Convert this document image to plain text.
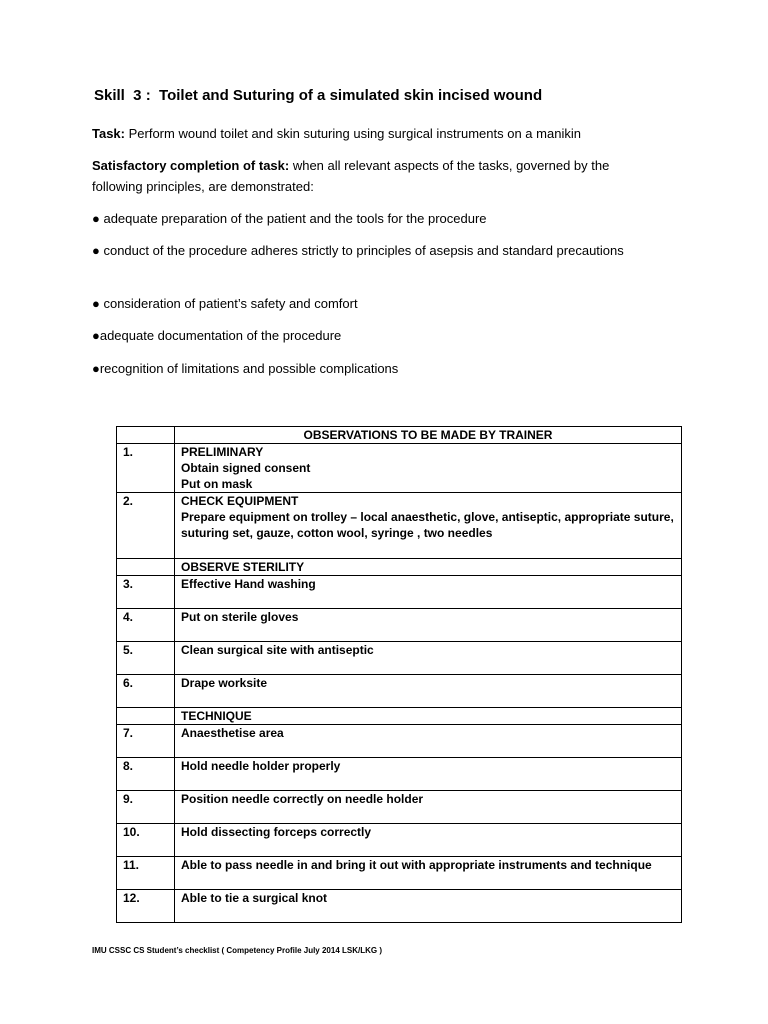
Skill  3 :  Toilet and Suturing of a simulated skin incised wound
Task: Perform wound toilet and skin suturing using surgical instruments on a manikin
Satisfactory completion of task: when all relevant aspects of the tasks, governed by the following principles, are demonstrated:
● adequate preparation of the patient and the tools for the procedure
● conduct of the procedure adheres strictly to principles of asepsis and standard precautions
● consideration of patient’s safety and comfort
●adequate documentation of the procedure
●recognition of limitations and possible complications
	OBSERVATIONS TO BE MADE BY TRAINER
1.	PRELIMINARY
Obtain signed consent
Put on mask

2.	CHECK EQUIPMENT
Prepare equipment on trolley – local anaesthetic, glove, antiseptic, appropriate suture, suturing set, gauze, cotton wool, syringe , two needles

	OBSERVE STERILITY

3.	Effective Hand washing

4.	Put on sterile gloves

5.	Clean surgical site with antiseptic

6.	Drape worksite

	TECHNIQUE

7.	Anaesthetise area

8.	Hold needle holder properly

9.	Position needle correctly on needle holder

10.	Hold dissecting forceps correctly

11.	Able to pass needle in and bring it out with appropriate instruments and technique

12.	Able to tie a surgical knot
IMU CSSC CS Student’s checklist ( Competency Profile July 2014 LSK/LKG )
